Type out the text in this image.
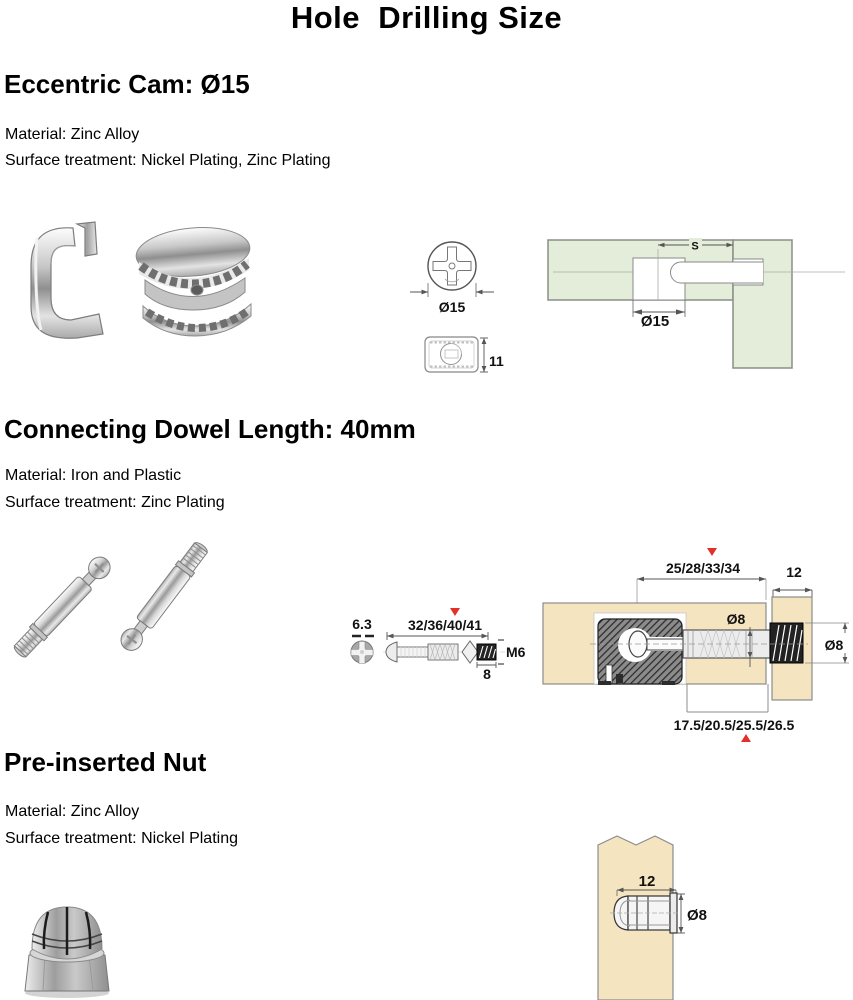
Hole  Drilling Size
Eccentric Cam: Ø15
Material: Zinc Alloy
Surface treatment: Nickel Plating, Zinc Plating
Ø15
11
S
Ø15
Connecting Dowel Length: 40mm
Material: Iron and Plastic
Surface treatment: Zinc Plating
6.3	32/36/40/41
M6
8
25/28/33/34	12
Ø8
Ø8
17.5/20.5/25.5/26.5
Pre-inserted Nut
Material: Zinc Alloy
Surface treatment: Nickel Plating
12
Ø8
